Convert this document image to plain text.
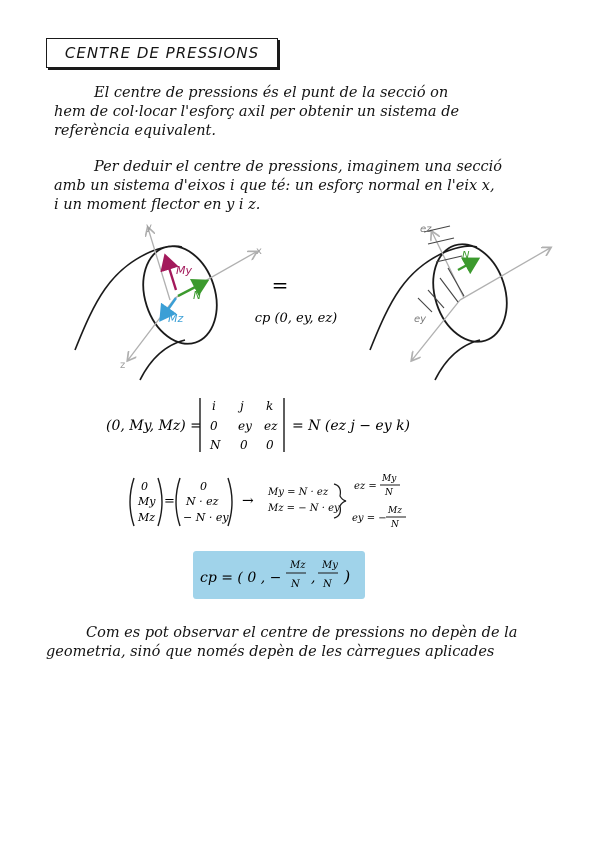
CENTRE DE PRESSIONS

El centre de pressions és el punt de la secció on
hem de col·locar l'esforç axil per obtenir un sistema de
referència equivalent.

Per deduir el centre de pressions, imaginem una secció
amb un sistema d'eixos i que té: un esforç normal en l'eix x,
i un moment flector en y i z.

y
x
z
My
Mz
N	=
cp (0, ey, ez)
N
ez
ey
(0, My, Mz) =
i j k
0 ey ez
N 0 0
= N (ez j − ey k)
0
My
Mz
=
0
N · ez
− N · ey
→
My = N · ez
Mz = − N · ey
ez =
My
N
ey = −
Mz
N
cp = ( 0 , −
Mz
N ,
My
N )

Com es pot observar el centre de pressions no depèn de la
geometria, sinó que només depèn de les càrregues aplicades
